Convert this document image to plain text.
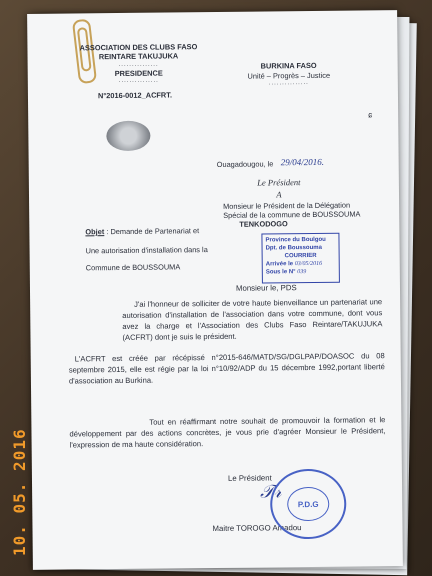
ASSOCIATION DES CLUBS FASO REINTARE TAKUJUKA
...............
PRESIDENCE
...............
N°2016-0012_ACFRT.
BURKINA FASO
Unité – Progrès – Justice
...............
ɕ
Ouagadougou, le 29/04/2016.
Le Président
A
Monsieur le Président de la Délégation
Spécial de la commune de BOUSSOUMA
TENKODOGO
Province du Boulgou
Dpt. de Boussouma
COURRIER
Arrivée le 03/05/2016
Sous le N° 039
Objet : Demande de Partenariat et
Une autorisation d'installation dans la
Commune de BOUSSOUMA
Monsieur le, PDS
J'ai l'honneur de solliciter de votre haute bienveillance un partenariat une autorisation d'installation de l'association dans votre commune, dont vous avez la charge et l'Association des Clubs Faso Reintare/TAKUJUKA (ACFRT) dont je suis le président.
L'ACFRT est créée par récépissé n°2015-646/MATD/SG/DGLPAP/DOASOC du 08 septembre 2015, elle est régie par la loi n°10/92/ADP du 15 décembre 1992,portant liberté d'association au Burkina.
Tout en réaffirmant notre souhait de promouvoir la formation et le développement par des actions concrètes, je vous prie d'agréer Monsieur le Président, l'expression de ma haute considération.
Le Président
𝒯𝓇
Maitre TOROGO Amadou
P.D.G
10. 05. 2016
